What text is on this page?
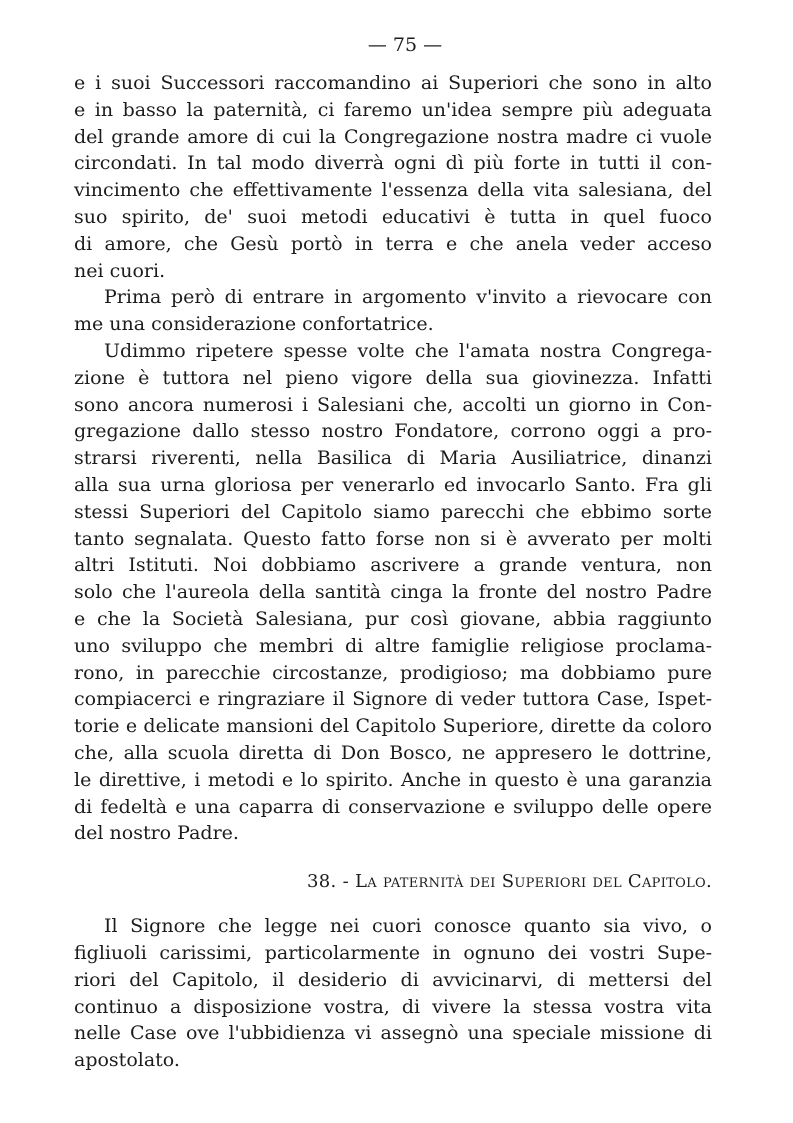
— 75 —

e i suoi Successori raccomandino ai Superiori che sono in alto
e in basso la paternità, ci faremo un'idea sempre più adeguata
del grande amore di cui la Congregazione nostra madre ci vuole
circondati. In tal modo diverrà ogni dì più forte in tutti il con-
vincimento che effettivamente l'essenza della vita salesiana, del
suo spirito, de' suoi metodi educativi è tutta in quel fuoco
di amore, che Gesù portò in terra e che anela veder acceso
nei cuori.

Prima però di entrare in argomento v'invito a rievocare con
me una considerazione confortatrice.

Udimmo ripetere spesse volte che l'amata nostra Congrega-
zione è tuttora nel pieno vigore della sua giovinezza. Infatti
sono ancora numerosi i Salesiani che, accolti un giorno in Con-
gregazione dallo stesso nostro Fondatore, corrono oggi a pro-
strarsi riverenti, nella Basilica di Maria Ausiliatrice, dinanzi
alla sua urna gloriosa per venerarlo ed invocarlo Santo. Fra gli
stessi Superiori del Capitolo siamo parecchi che ebbimo sorte
tanto segnalata. Questo fatto forse non si è avverato per molti
altri Istituti. Noi dobbiamo ascrivere a grande ventura, non
solo che l'aureola della santità cinga la fronte del nostro Padre
e che la Società Salesiana, pur così giovane, abbia raggiunto
uno sviluppo che membri di altre famiglie religiose proclama-
rono, in parecchie circostanze, prodigioso; ma dobbiamo pure
compiacerci e ringraziare il Signore di veder tuttora Case, Ispet-
torie e delicate mansioni del Capitolo Superiore, dirette da coloro
che, alla scuola diretta di Don Bosco, ne appresero le dottrine,
le direttive, i metodi e lo spirito. Anche in questo è una garanzia
di fedeltà e una caparra di conservazione e sviluppo delle opere
del nostro Padre.

38. - La paternità dei Superiori del Capitolo.

Il Signore che legge nei cuori conosce quanto sia vivo, o
figliuoli carissimi, particolarmente in ognuno dei vostri Supe-
riori del Capitolo, il desiderio di avvicinarvi, di mettersi del
continuo a disposizione vostra, di vivere la stessa vostra vita
nelle Case ove l'ubbidienza vi assegnò una speciale missione di
apostolato.
